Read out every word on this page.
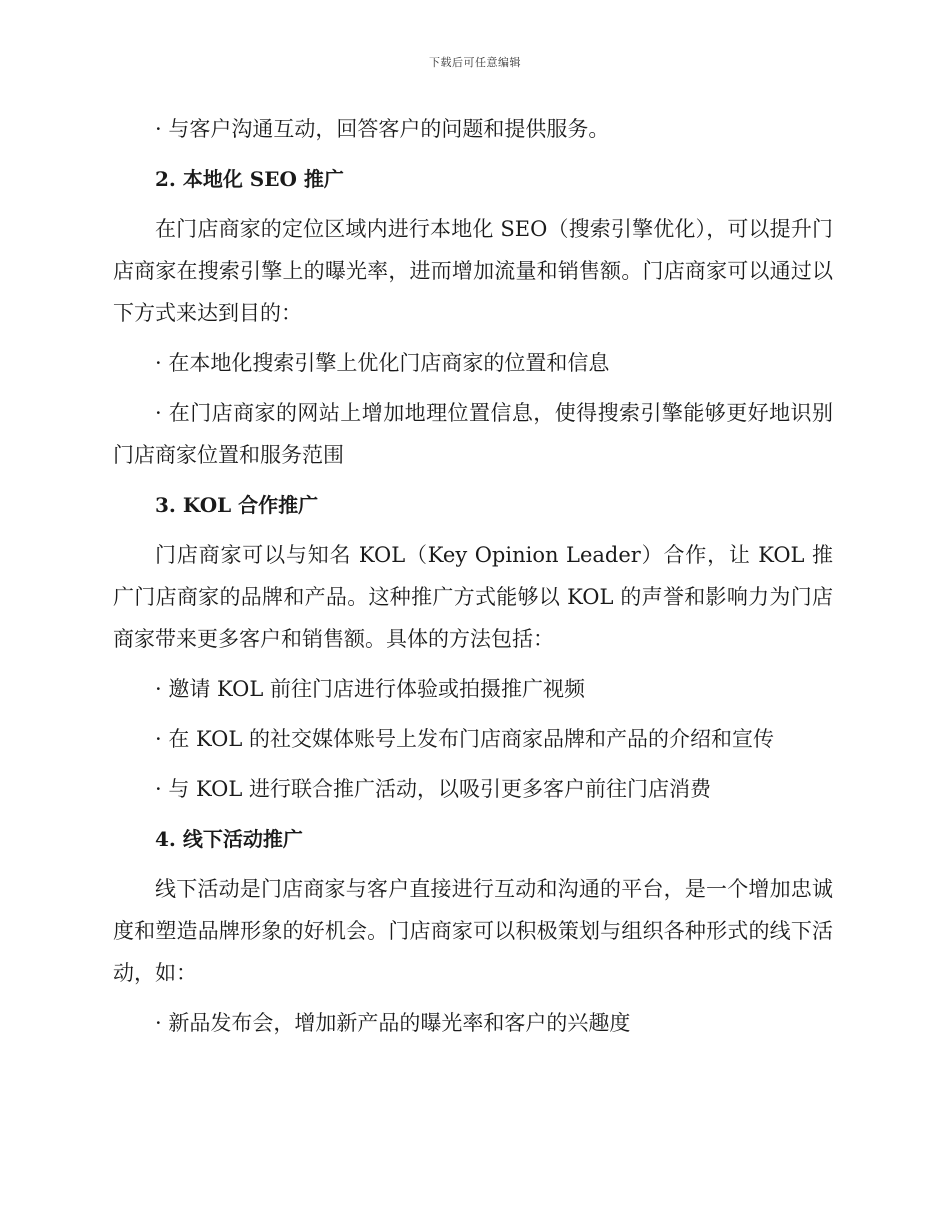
下载后可任意编辑

· 与客户沟通互动，回答客户的问题和提供服务。

2. 本地化 SEO 推广

在门店商家的定位区域内进行本地化 SEO（搜索引擎优化），可以提升门店商家在搜索引擎上的曝光率，进而增加流量和销售额。门店商家可以通过以下方式来达到目的：

· 在本地化搜索引擎上优化门店商家的位置和信息

· 在门店商家的网站上增加地理位置信息，使得搜索引擎能够更好地识别门店商家位置和服务范围

3. KOL 合作推广

门店商家可以与知名 KOL（Key Opinion Leader）合作，让 KOL 推广门店商家的品牌和产品。这种推广方式能够以 KOL 的声誉和影响力为门店商家带来更多客户和销售额。具体的方法包括：

· 邀请 KOL 前往门店进行体验或拍摄推广视频

· 在 KOL 的社交媒体账号上发布门店商家品牌和产品的介绍和宣传

· 与 KOL 进行联合推广活动，以吸引更多客户前往门店消费

4. 线下活动推广

线下活动是门店商家与客户直接进行互动和沟通的平台，是一个增加忠诚度和塑造品牌形象的好机会。门店商家可以积极策划与组织各种形式的线下活动，如：

· 新品发布会，增加新产品的曝光率和客户的兴趣度
